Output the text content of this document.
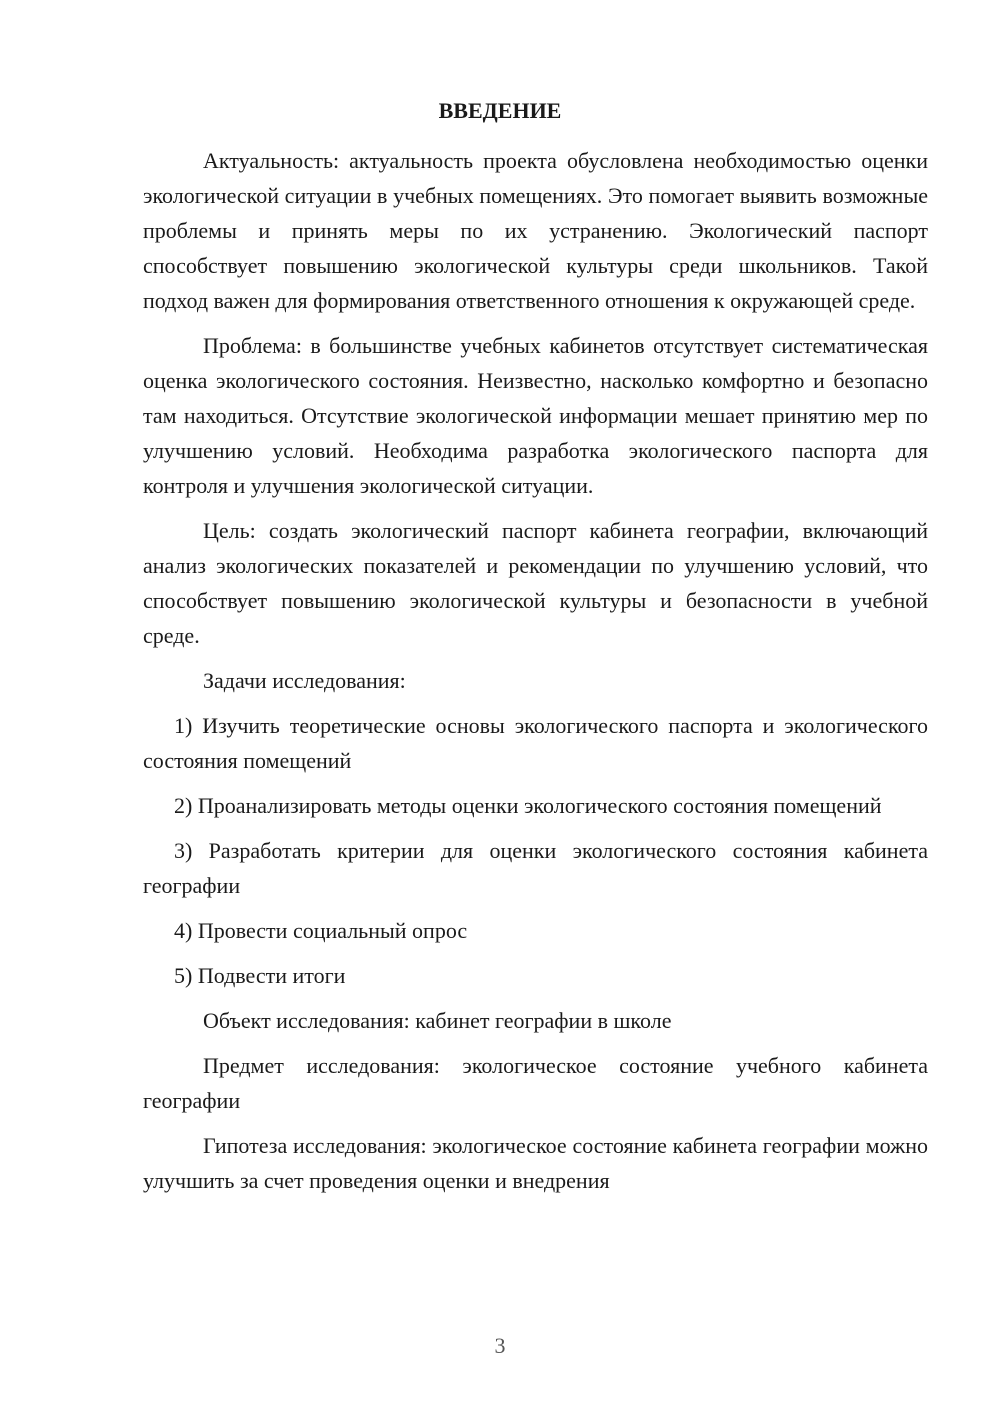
ВВЕДЕНИЕ

Актуальность: актуальность проекта обусловлена необходимостью оценки экологической ситуации в учебных помещениях. Это помогает выявить возможные проблемы и принять меры по их устранению. Экологический паспорт способствует повышению экологической культуры среди школьников. Такой подход важен для формирования ответственного отношения к окружающей среде.

Проблема: в большинстве учебных кабинетов отсутствует систематическая оценка экологического состояния. Неизвестно, насколько комфортно и безопасно там находиться. Отсутствие экологической информации мешает принятию мер по улучшению условий. Необходима разработка экологического паспорта для контроля и улучшения экологической ситуации.

Цель: создать экологический паспорт кабинета географии, включающий анализ экологических показателей и рекомендации по улучшению условий, что способствует повышению экологической культуры и безопасности в учебной среде.

Задачи исследования:

1) Изучить теоретические основы экологического паспорта и экологического состояния помещений

2) Проанализировать методы оценки экологического состояния помещений

3) Разработать критерии для оценки экологического состояния кабинета географии

4) Провести социальный опрос

5) Подвести итоги

Объект исследования: кабинет географии в школе

Предмет исследования: экологическое состояние учебного кабинета географии

Гипотеза исследования: экологическое состояние кабинета географии можно улучшить за счет проведения оценки и внедрения

3
